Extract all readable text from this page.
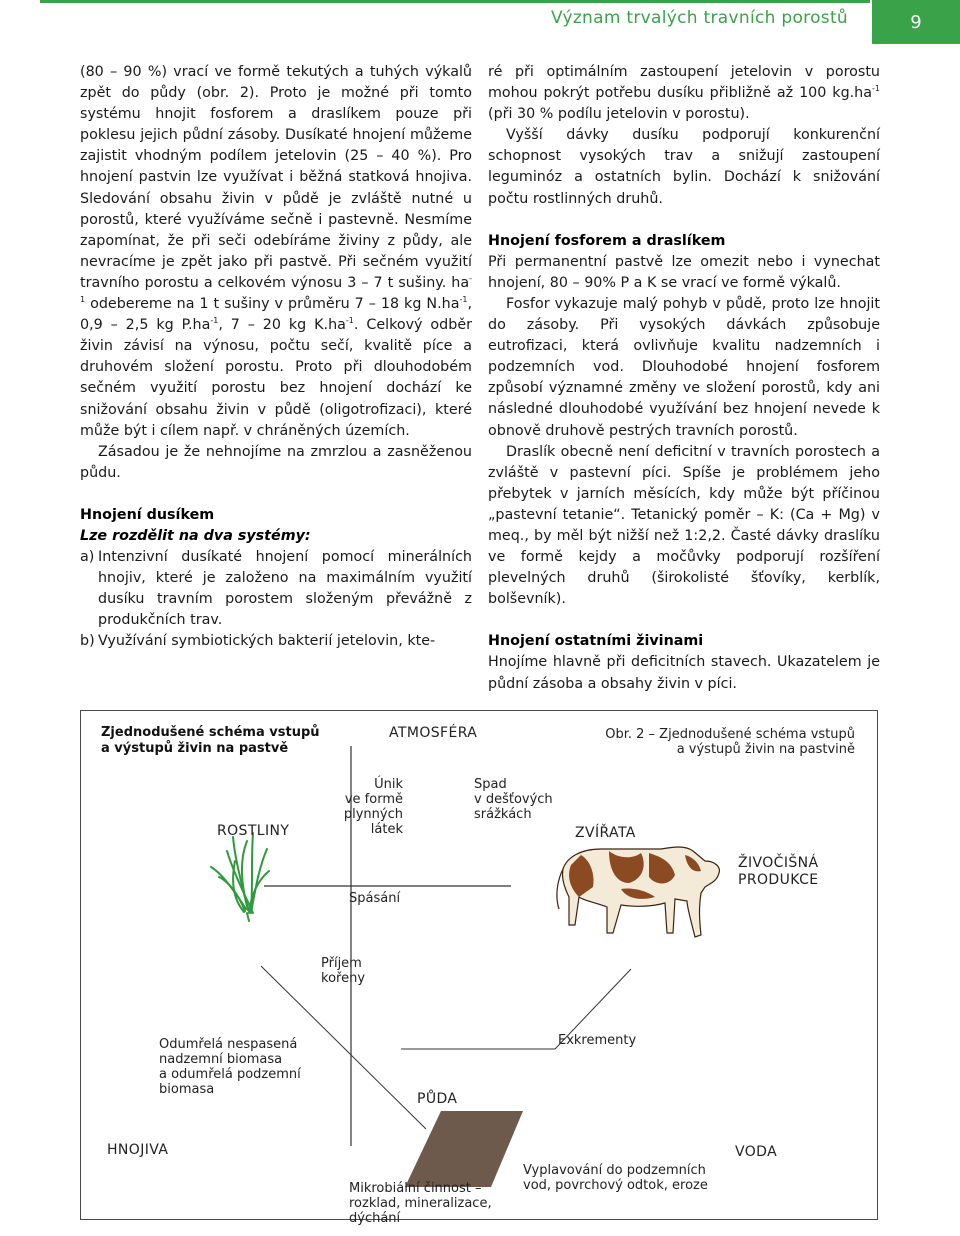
Význam trvalých travních porostů	9

(80 – 90 %) vrací ve formě tekutých a tuhých výkalů zpět do půdy (obr. 2). Proto je možné při tomto systému hnojit fosforem a draslíkem pouze při poklesu jejich půdní zásoby. Dusíkaté hnojení můžeme zajistit vhodným podílem jetelovin (25 – 40 %). Pro hnojení pastvin lze využívat i běžná statková hnojiva. Sledování obsahu živin v půdě je zvláště nutné u porostů, které využíváme sečně i pastevně. Nesmíme zapomínat, že při seči odebíráme živiny z půdy, ale nevracíme je zpět jako při pastvě. Při sečném využití travního porostu a celkovém výnosu 3 – 7 t sušiny. $ha^{-1}$ odebereme na 1 t sušiny v průměru 7 – 18 kg $N.ha^{-1}$, 0,9 – 2,5 kg $P.ha^{-1}$, 7 – 20 kg $K.ha^{-1}$. Celkový odběr živin závisí na výnosu, počtu sečí, kvalitě píce a druhovém složení porostu. Proto při dlouhodobém sečném využití porostu bez hnojení dochází ke snižování obsahu živin v půdě (oligotrofizaci), které může být i cílem např. v chráněných územích.

Zásadou je že nehnojíme na zmrzlou a zasněženou půdu.

Hnojení dusíkem
Lze rozdělit na dva systémy:
a) Intenzivní dusíkaté hnojení pomocí minerálních hnojiv, které je založeno na maximálním využití dusíku travním porostem složeným převážně z produkčních trav.
b) Využívání symbiotických bakterií jetelovin, kte-

ré při optimálním zastoupení jetelovin v porostu mohou pokrýt potřebu dusíku přibližně až 100 $kg.ha^{-1}$ (při 30 % podílu jetelovin v porostu).

Vyšší dávky dusíku podporují konkurenční schopnost vysokých trav a snižují zastoupení leguminóz a ostatních bylin. Dochází k snižování počtu rostlinných druhů.

Hnojení fosforem a draslíkem

Při permanentní pastvě lze omezit nebo i vynechat hnojení, 80 – 90% P a K se vrací ve formě výkalů.

Fosfor vykazuje malý pohyb v půdě, proto lze hnojit do zásoby. Při vysokých dávkách způsobuje eutrofizaci, která ovlivňuje kvalitu nadzemních i podzemních vod. Dlouhodobé hnojení fosforem způsobí významné změny ve složení porostů, kdy ani následné dlouhodobé využívání bez hnojení nevede k obnově druhově pestrých travních porostů.

Draslík obecně není deficitní v travních porostech a zvláště v pastevní píci. Spíše je problémem jeho přebytek v jarních měsících, kdy může být příčinou „pastevní tetanie“. Tetanický poměr – K: (Ca + Mg) v meq., by měl být nižší než 1:2,2. Časté dávky draslíku ve formě kejdy a močůvky podporují rozšíření plevelných druhů (širokolisté šťovíky, kerblík, bolševník).

Hnojení ostatními živinami

Hnojíme hlavně při deficitních stavech. Ukazatelem je půdní zásoba a obsahy živin v píci.

Zjednodušené schéma vstupů
a výstupů živin na pastvě
Obr. 2 – Zjednodušené schéma vstupů
a výstupů živin na pastvině
ATMOSFÉRA
ROSTLINY	ZVÍŘATA
ŽIVOČIŠNÁ
PRODUKCE
PŮDA
HNOJIVA	VODA
Únik
ve formě
plynných
látek
Spad
v dešťových
srážkách
Spásání
Příjem
kořeny
Odumřelá nespasená
nadzemní biomasa
a odumřelá podzemní
biomasa
Exkrementy
Mikrobiální činnost –
rozklad, mineralizace,
dýchání
Vyplavování do podzemních
vod, povrchový odtok, eroze
